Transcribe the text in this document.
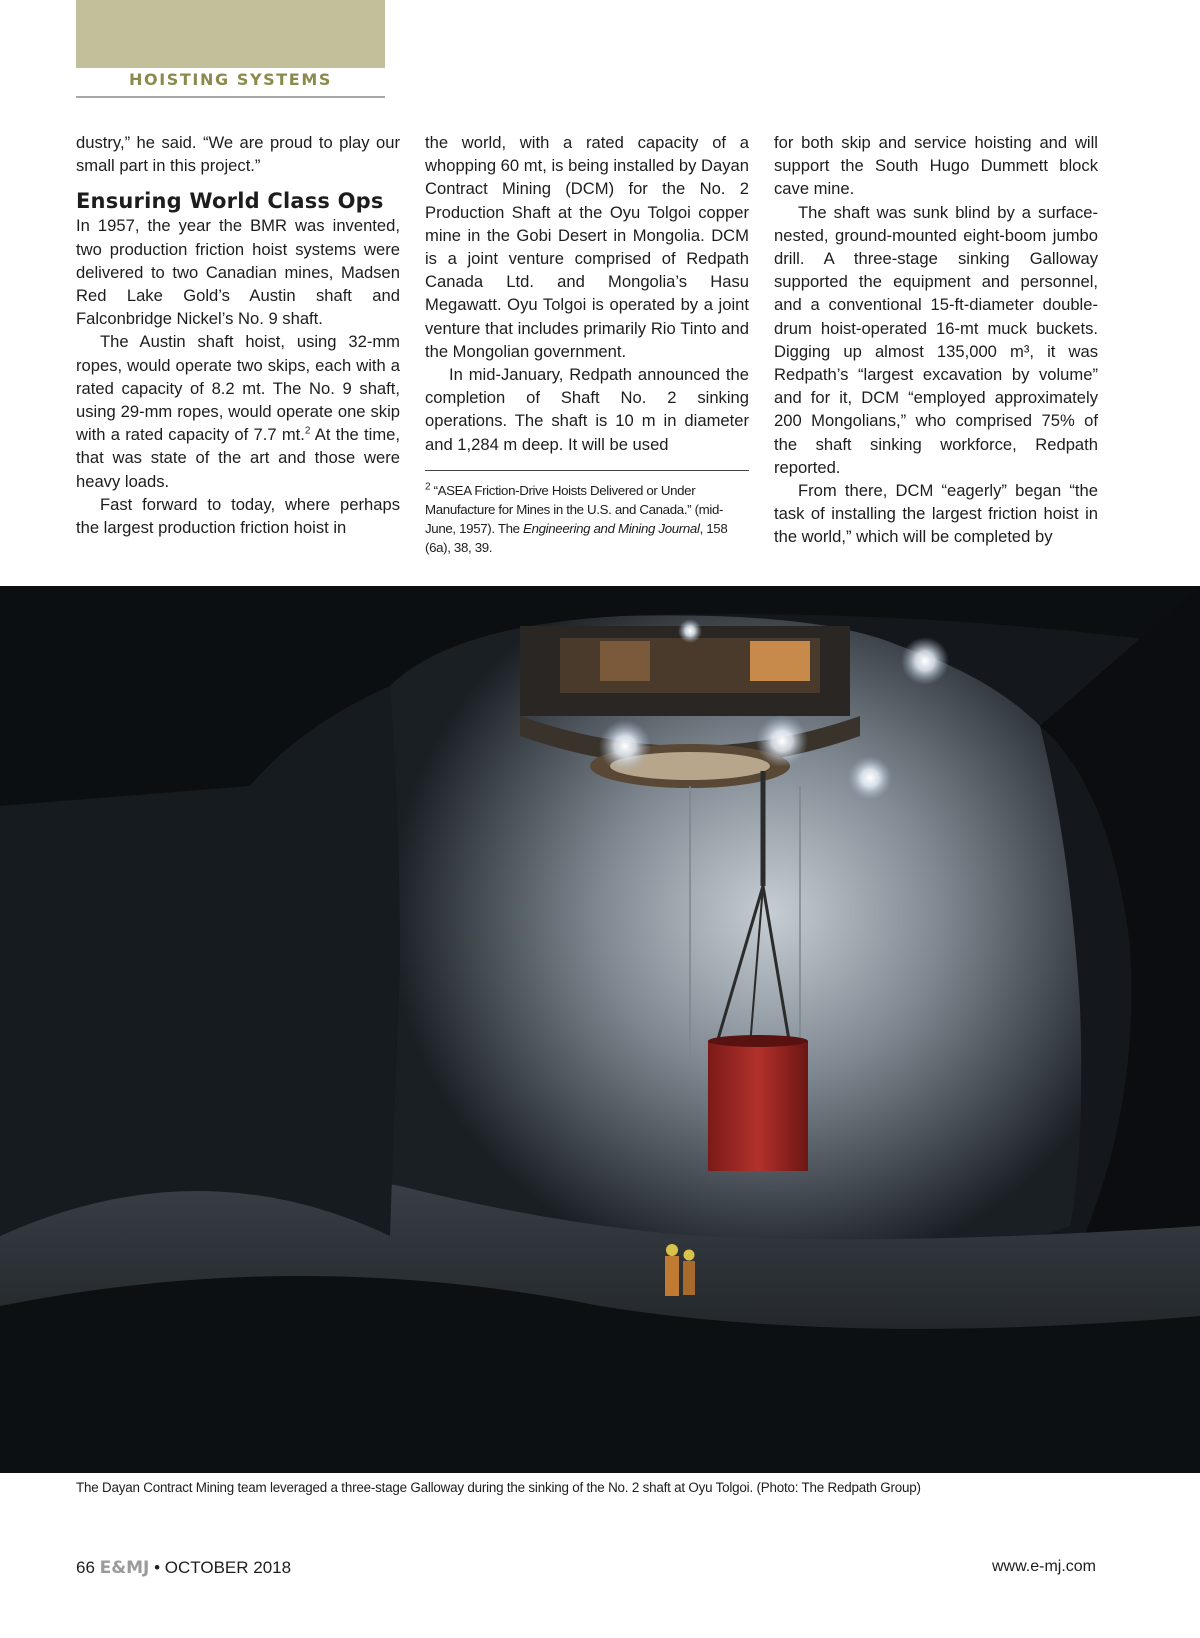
HOISTING SYSTEMS

dustry,” he said. “We are proud to play our small part in this project.”

Ensuring World Class Ops

In 1957, the year the BMR was invented, two production friction hoist systems were delivered to two Canadian mines, Madsen Red Lake Gold’s Austin shaft and Falconbridge Nickel’s No. 9 shaft.

The Austin shaft hoist, using 32-mm ropes, would operate two skips, each with a rated capacity of 8.2 mt. The No. 9 shaft, using 29-mm ropes, would operate one skip with a rated capacity of 7.7 mt.$^2$ At the time, that was state of the art and those were heavy loads.

Fast forward to today, where perhaps the largest production friction hoist in

the world, with a rated capacity of a whopping 60 mt, is being installed by Dayan Contract Mining (DCM) for the No. 2 Production Shaft at the Oyu Tolgoi copper mine in the Gobi Desert in Mongolia. DCM is a joint venture comprised of Redpath Canada Ltd. and Mongolia’s Hasu Megawatt. Oyu Tolgoi is operated by a joint venture that includes primarily Rio Tinto and the Mongolian government.

In mid-January, Redpath announced the completion of Shaft No. 2 sinking operations. The shaft is 10 m in diameter and 1,284 m deep. It will be used

$^2$ “ASEA Friction-Drive Hoists Delivered or Under Manufacture for Mines in the U.S. and Canada.” (mid-June, 1957). The Engineering and Mining Journal, 158 (6a), 38, 39.

for both skip and service hoisting and will support the South Hugo Dummett block cave mine.

The shaft was sunk blind by a surface-nested, ground-mounted eight-boom jumbo drill. A three-stage sinking Galloway supported the equipment and personnel, and a conventional 15-ft-diameter double-drum hoist-operated 16-mt muck buckets. Digging up almost 135,000 m³, it was Redpath’s “largest excavation by volume” and for it, DCM “employed approximately 200 Mongolians,” who comprised 75% of the shaft sinking workforce, Redpath reported.

From there, DCM “eagerly” began “the task of installing the largest friction hoist in the world,” which will be completed by

The Dayan Contract Mining team leveraged a three-stage Galloway during the sinking of the No. 2 shaft at Oyu Tolgoi. (Photo: The Redpath Group)
66 E&MJ • OCTOBER 2018	www.e-mj.com
